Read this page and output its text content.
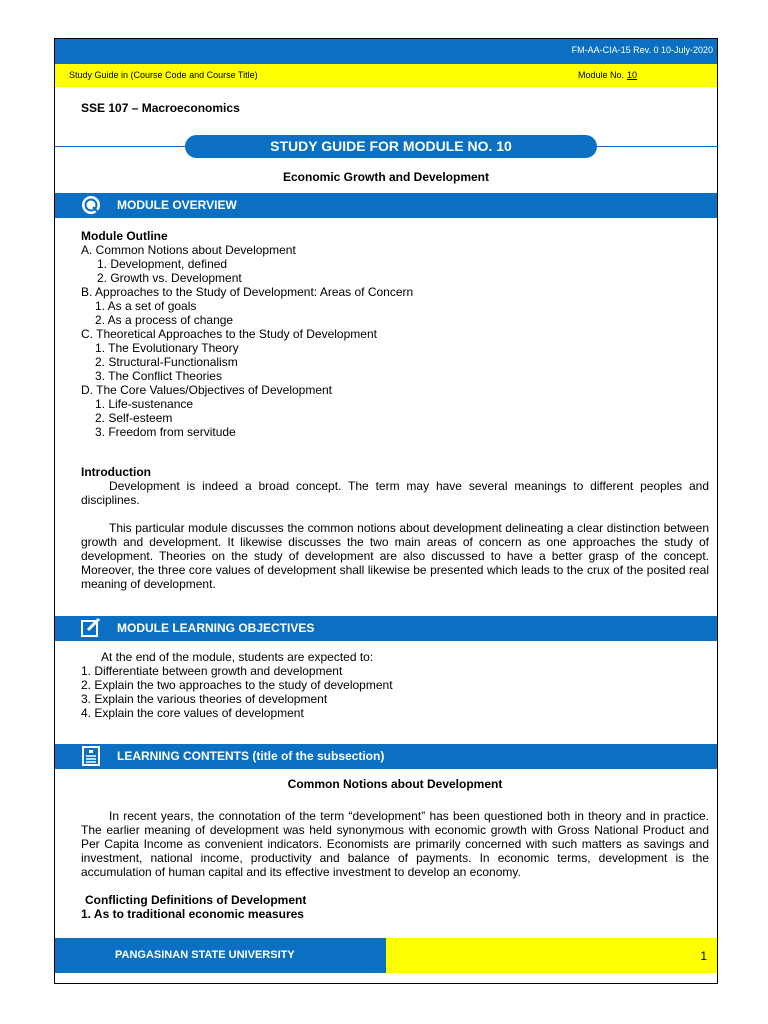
FM-AA-CIA-15 Rev. 0 10-July-2020
Study Guide in (Course Code and Course Title)	Module No. 10
SSE 107 – Macroeconomics
STUDY GUIDE FOR MODULE NO. 10
Economic Growth and Development
MODULE OVERVIEW

Module Outline

A. Common Notions about Development

1. Development, defined

2. Growth vs. Development

B. Approaches to the Study of Development: Areas of Concern

1. As a set of goals

2. As a process of change

C. Theoretical Approaches to the Study of Development

1. The Evolutionary Theory

2. Structural-Functionalism

3. The Conflict Theories

D. The Core Values/Objectives of Development

1. Life-sustenance

2. Self-esteem

3. Freedom from servitude

Introduction

Development is indeed a broad concept. The term may have several meanings to different peoples and disciplines.

This particular module discusses the common notions about development delineating a clear distinction between growth and development. It likewise discusses the two main areas of concern as one approaches the study of development. Theories on the study of development are also discussed to have a better grasp of the concept. Moreover, the three core values of development shall likewise be presented which leads to the crux of the posited real meaning of development.

MODULE LEARNING OBJECTIVES

At the end of the module, students are expected to:

1. Differentiate between growth and development

2. Explain the two approaches to the study of development

3. Explain the various theories of development

4. Explain the core values of development

LEARNING CONTENTS (title of the subsection)
Common Notions about Development
In recent years, the connotation of the term “development” has been questioned both in theory and in practice. The earlier meaning of development was held synonymous with economic growth with Gross National Product and Per Capita Income as convenient indicators. Economists are primarily concerned with such matters as savings and investment, national income, productivity and balance of payments. In economic terms, development is the accumulation of human capital and its effective investment to develop an economy.

Conflicting Definitions of Development

1. As to traditional economic measures

PANGASINAN STATE UNIVERSITY	1
